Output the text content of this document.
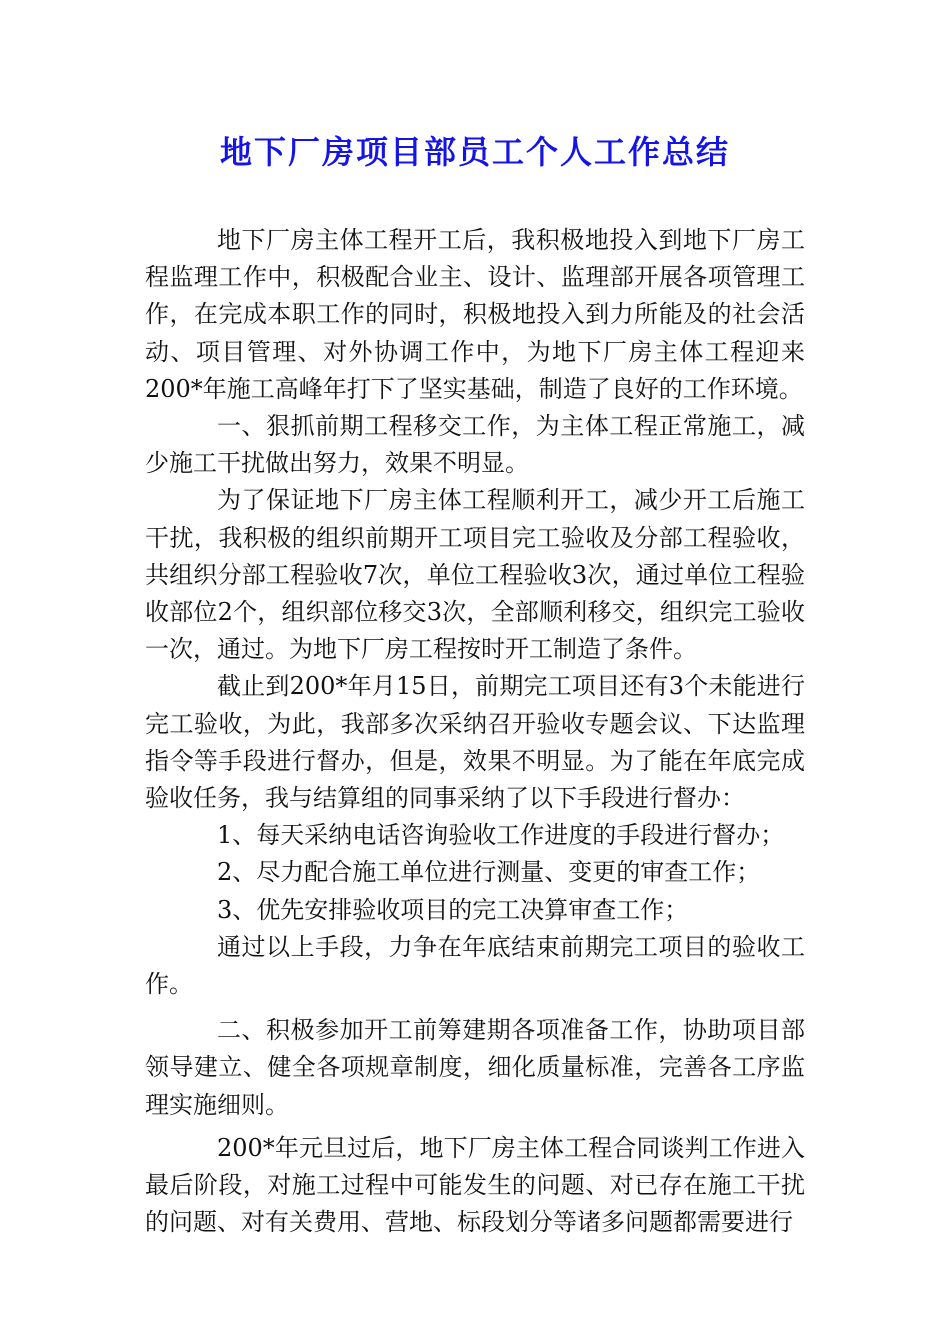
地下厂房项目部员工个人工作总结

地下厂房主体工程开工后，我积极地投入到地下厂房工程监理工作中，积极配合业主、设计、监理部开展各项管理工作，在完成本职工作的同时，积极地投入到力所能及的社会活动、项目管理、对外协调工作中，为地下厂房主体工程迎来200*年施工高峰年打下了坚实基础，制造了良好的工作环境。

一、狠抓前期工程移交工作，为主体工程正常施工，减少施工干扰做出努力，效果不明显。

为了保证地下厂房主体工程顺利开工，减少开工后施工干扰，我积极的组织前期开工项目完工验收及分部工程验收，共组织分部工程验收7次，单位工程验收3次，通过单位工程验收部位2个，组织部位移交3次，全部顺利移交，组织完工验收一次，通过。为地下厂房工程按时开工制造了条件。

截止到200*年月15日，前期完工项目还有3个未能进行完工验收，为此，我部多次采纳召开验收专题会议、下达监理指令等手段进行督办，但是，效果不明显。为了能在年底完成验收任务，我与结算组的同事采纳了以下手段进行督办：

1、每天采纳电话咨询验收工作进度的手段进行督办；

2、尽力配合施工单位进行测量、变更的审查工作；

3、优先安排验收项目的完工决算审查工作；

通过以上手段，力争在年底结束前期完工项目的验收工作。

二、积极参加开工前筹建期各项准备工作，协助项目部领导建立、健全各项规章制度，细化质量标准，完善各工序监理实施细则。

200*年元旦过后，地下厂房主体工程合同谈判工作进入最后阶段，对施工过程中可能发生的问题、对已存在施工干扰的问题、对有关费用、营地、标段划分等诸多问题都需要进行
